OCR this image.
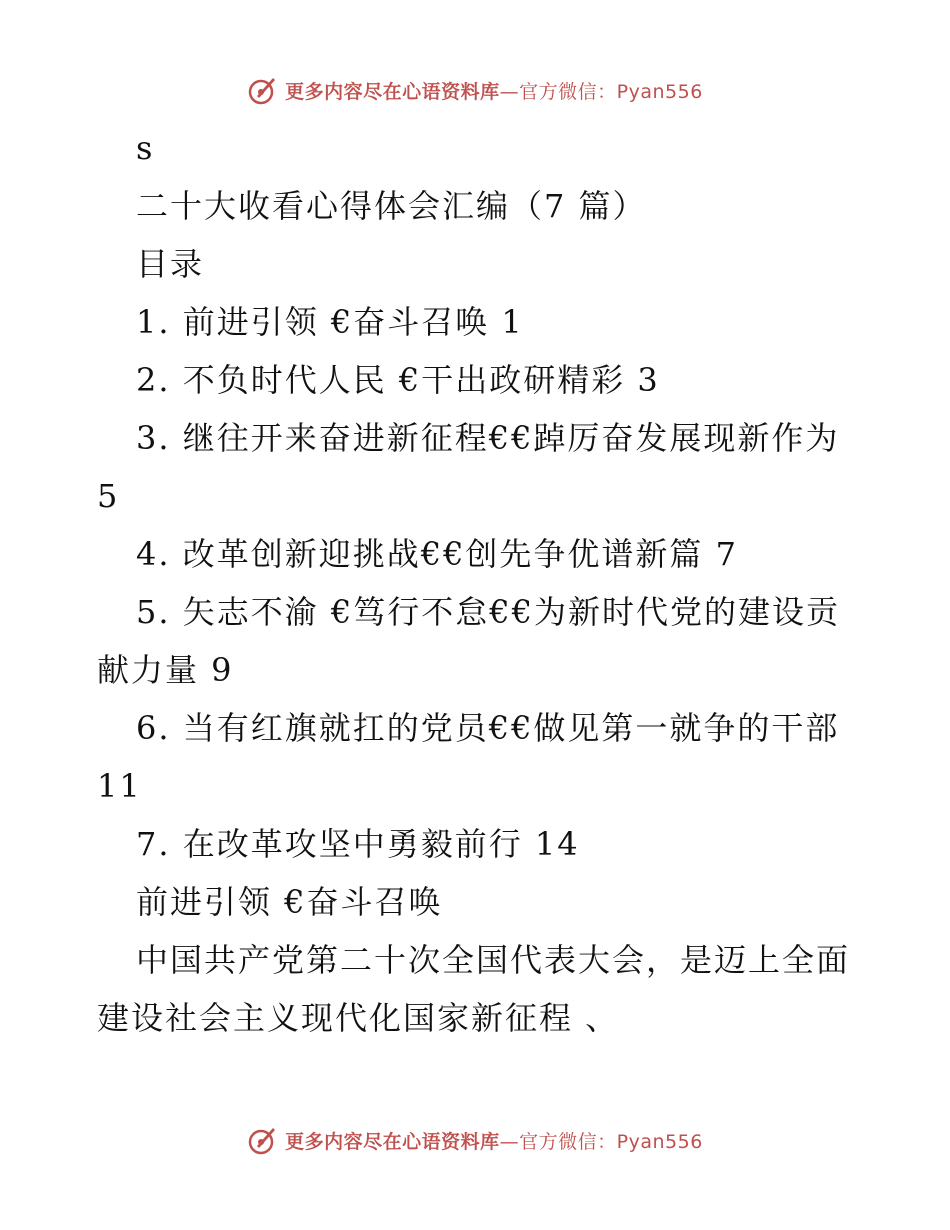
更多内容尽在心语资料库—官方微信：Pyan556
s
二十大收看心得体会汇编（7 篇）
目录
1. 前进引领 €奋斗召唤 1
2. 不负时代人民 €干出政研精彩 3
3. 继往开来奋进新征程€€踔厉奋发展现新作为
5
4. 改革创新迎挑战€€创先争优谱新篇 7
5. 矢志不渝 €笃行不怠€€为新时代党的建设贡
献力量 9
6. 当有红旗就扛的党员€€做见第一就争的干部
11
7. 在改革攻坚中勇毅前行 14
前进引领 €奋斗召唤
中国共产党第二十次全国代表大会，是迈上全面
建设社会主义现代化国家新征程 、
更多内容尽在心语资料库—官方微信：Pyan556
